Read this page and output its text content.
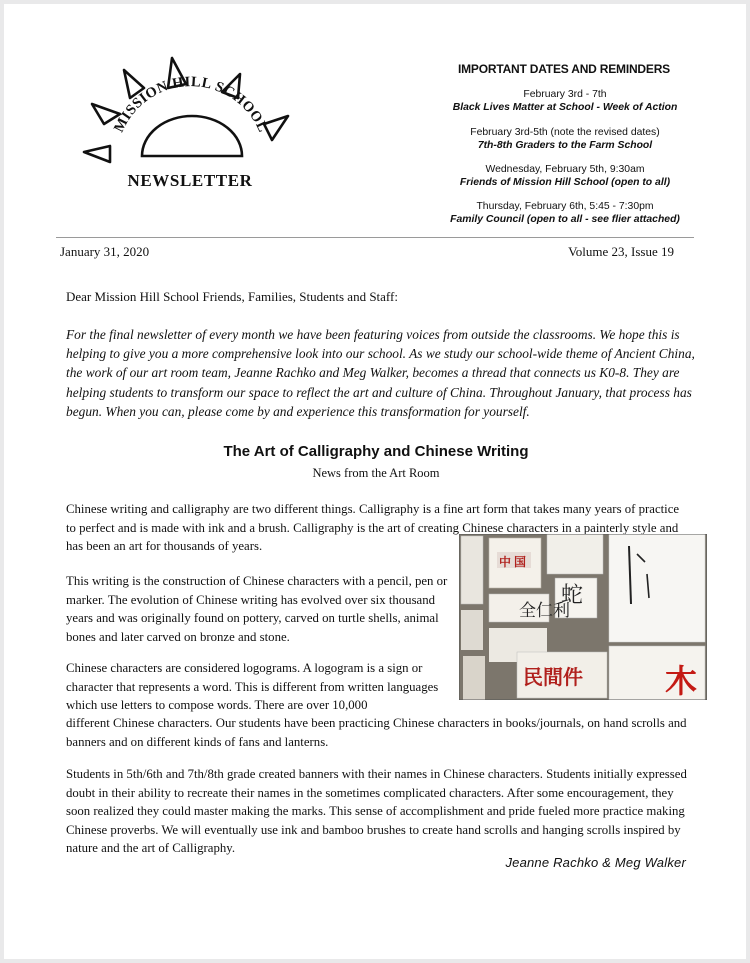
MISSION HILL SCHOOL
NEWSLETTER
IMPORTANT DATES AND REMINDERS
February 3rd - 7th
Black Lives Matter at School - Week of Action
February 3rd-5th (note the revised dates)
7th-8th Graders to the Farm School
Wednesday, February 5th, 9:30am
Friends of Mission Hill School (open to all)
Thursday, February 6th, 5:45 - 7:30pm
Family Council (open to all - see flier attached)
January 31, 2020	Volume 23, Issue 19
Dear Mission Hill School Friends, Families, Students and Staff:
For the final newsletter of every month we have been featuring voices from outside the classrooms. We hope this is helping to give you a more comprehensive look into our school. As we study our school-wide theme of Ancient China, the work of our art room team, Jeanne Rachko and Meg Walker, becomes a thread that connects us K0-8. They are helping students to transform our space to reflect the art and culture of China. Throughout January, that process has begun. When you can, please come by and experience this transformation for yourself.
The Art of Calligraphy and Chinese Writing
News from the Art Room
Chinese writing and calligraphy are two different things. Calligraphy is a fine art form that takes many years of practice to perfect and is made with ink and a brush. Calligraphy is the art of creating Chinese characters in a painterly style and has been an art for thousands of years.
This writing is the construction of Chinese characters with a pencil, pen or marker. The evolution of Chinese writing has evolved over six thousand years and was originally found on pottery, carved on turtle shells, animal bones and later carved on bronze and stone.
Chinese characters are considered logograms. A logogram is a sign or character that represents a word. This is different from written languages which use letters to compose words. There are over 10,000
different Chinese characters. Our students have been practicing Chinese characters in books/journals, on hand scrolls and banners and on different kinds of fans and lanterns.
Students in 5th/6th and 7th/8th grade created banners with their names in Chinese characters. Students initially expressed doubt in their ability to recreate their names in the sometimes complicated characters. After some encouragement, they soon realized they could master making the marks. This sense of accomplishment and pride fueled more practice making Chinese proverbs. We will eventually use ink and bamboo brushes to create hand scrolls and hanging scrolls inspired by nature and the art of Calligraphy.
中 国
全仁利
蛇
民間件	木
Jeanne Rachko & Meg Walker
